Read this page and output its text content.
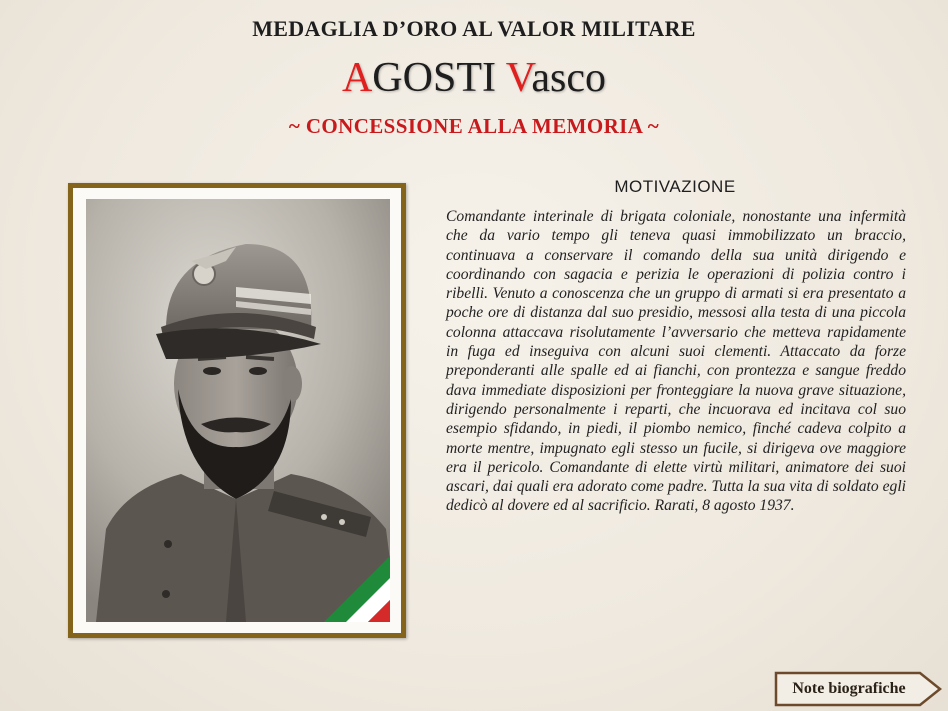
MEDAGLIA D’ORO AL VALOR MILITARE
AGOSTI Vasco
~ CONCESSIONE ALLA MEMORIA ~
MOTIVAZIONE

Comandante interinale di brigata coloniale, nonostante una infermità che da vario tempo gli teneva quasi immobilizzato un braccio, continuava a conservare il comando della sua unità dirigendo e coordinando con sagacia e perizia le operazioni di polizia contro i ribelli. Venuto a conoscenza che un gruppo di armati si era presentato a poche ore di distanza dal suo presidio, messosi alla testa di una piccola colonna attaccava risolutamente l’avversario che metteva rapidamente in fuga ed inseguiva con alcuni suoi clementi. Attaccato da forze preponderanti alle spalle ed ai fianchi, con prontezza e sangue freddo dava immediate disposizioni per fronteggiare la nuova grave situazione, dirigendo personalmente i reparti, che incuorava ed incitava col suo esempio sfidando, in piedi, il piombo nemico, finché cadeva colpito a morte mentre, impugnato egli stesso un fucile, si dirigeva ove maggiore era il pericolo. Comandante di elette virtù militari, animatore dei suoi ascari, dai quali era adorato come padre. Tutta la sua vita di soldato egli dedicò al dovere ed al sacrificio. Rarati, 8 agosto 1937.

Note biografiche
